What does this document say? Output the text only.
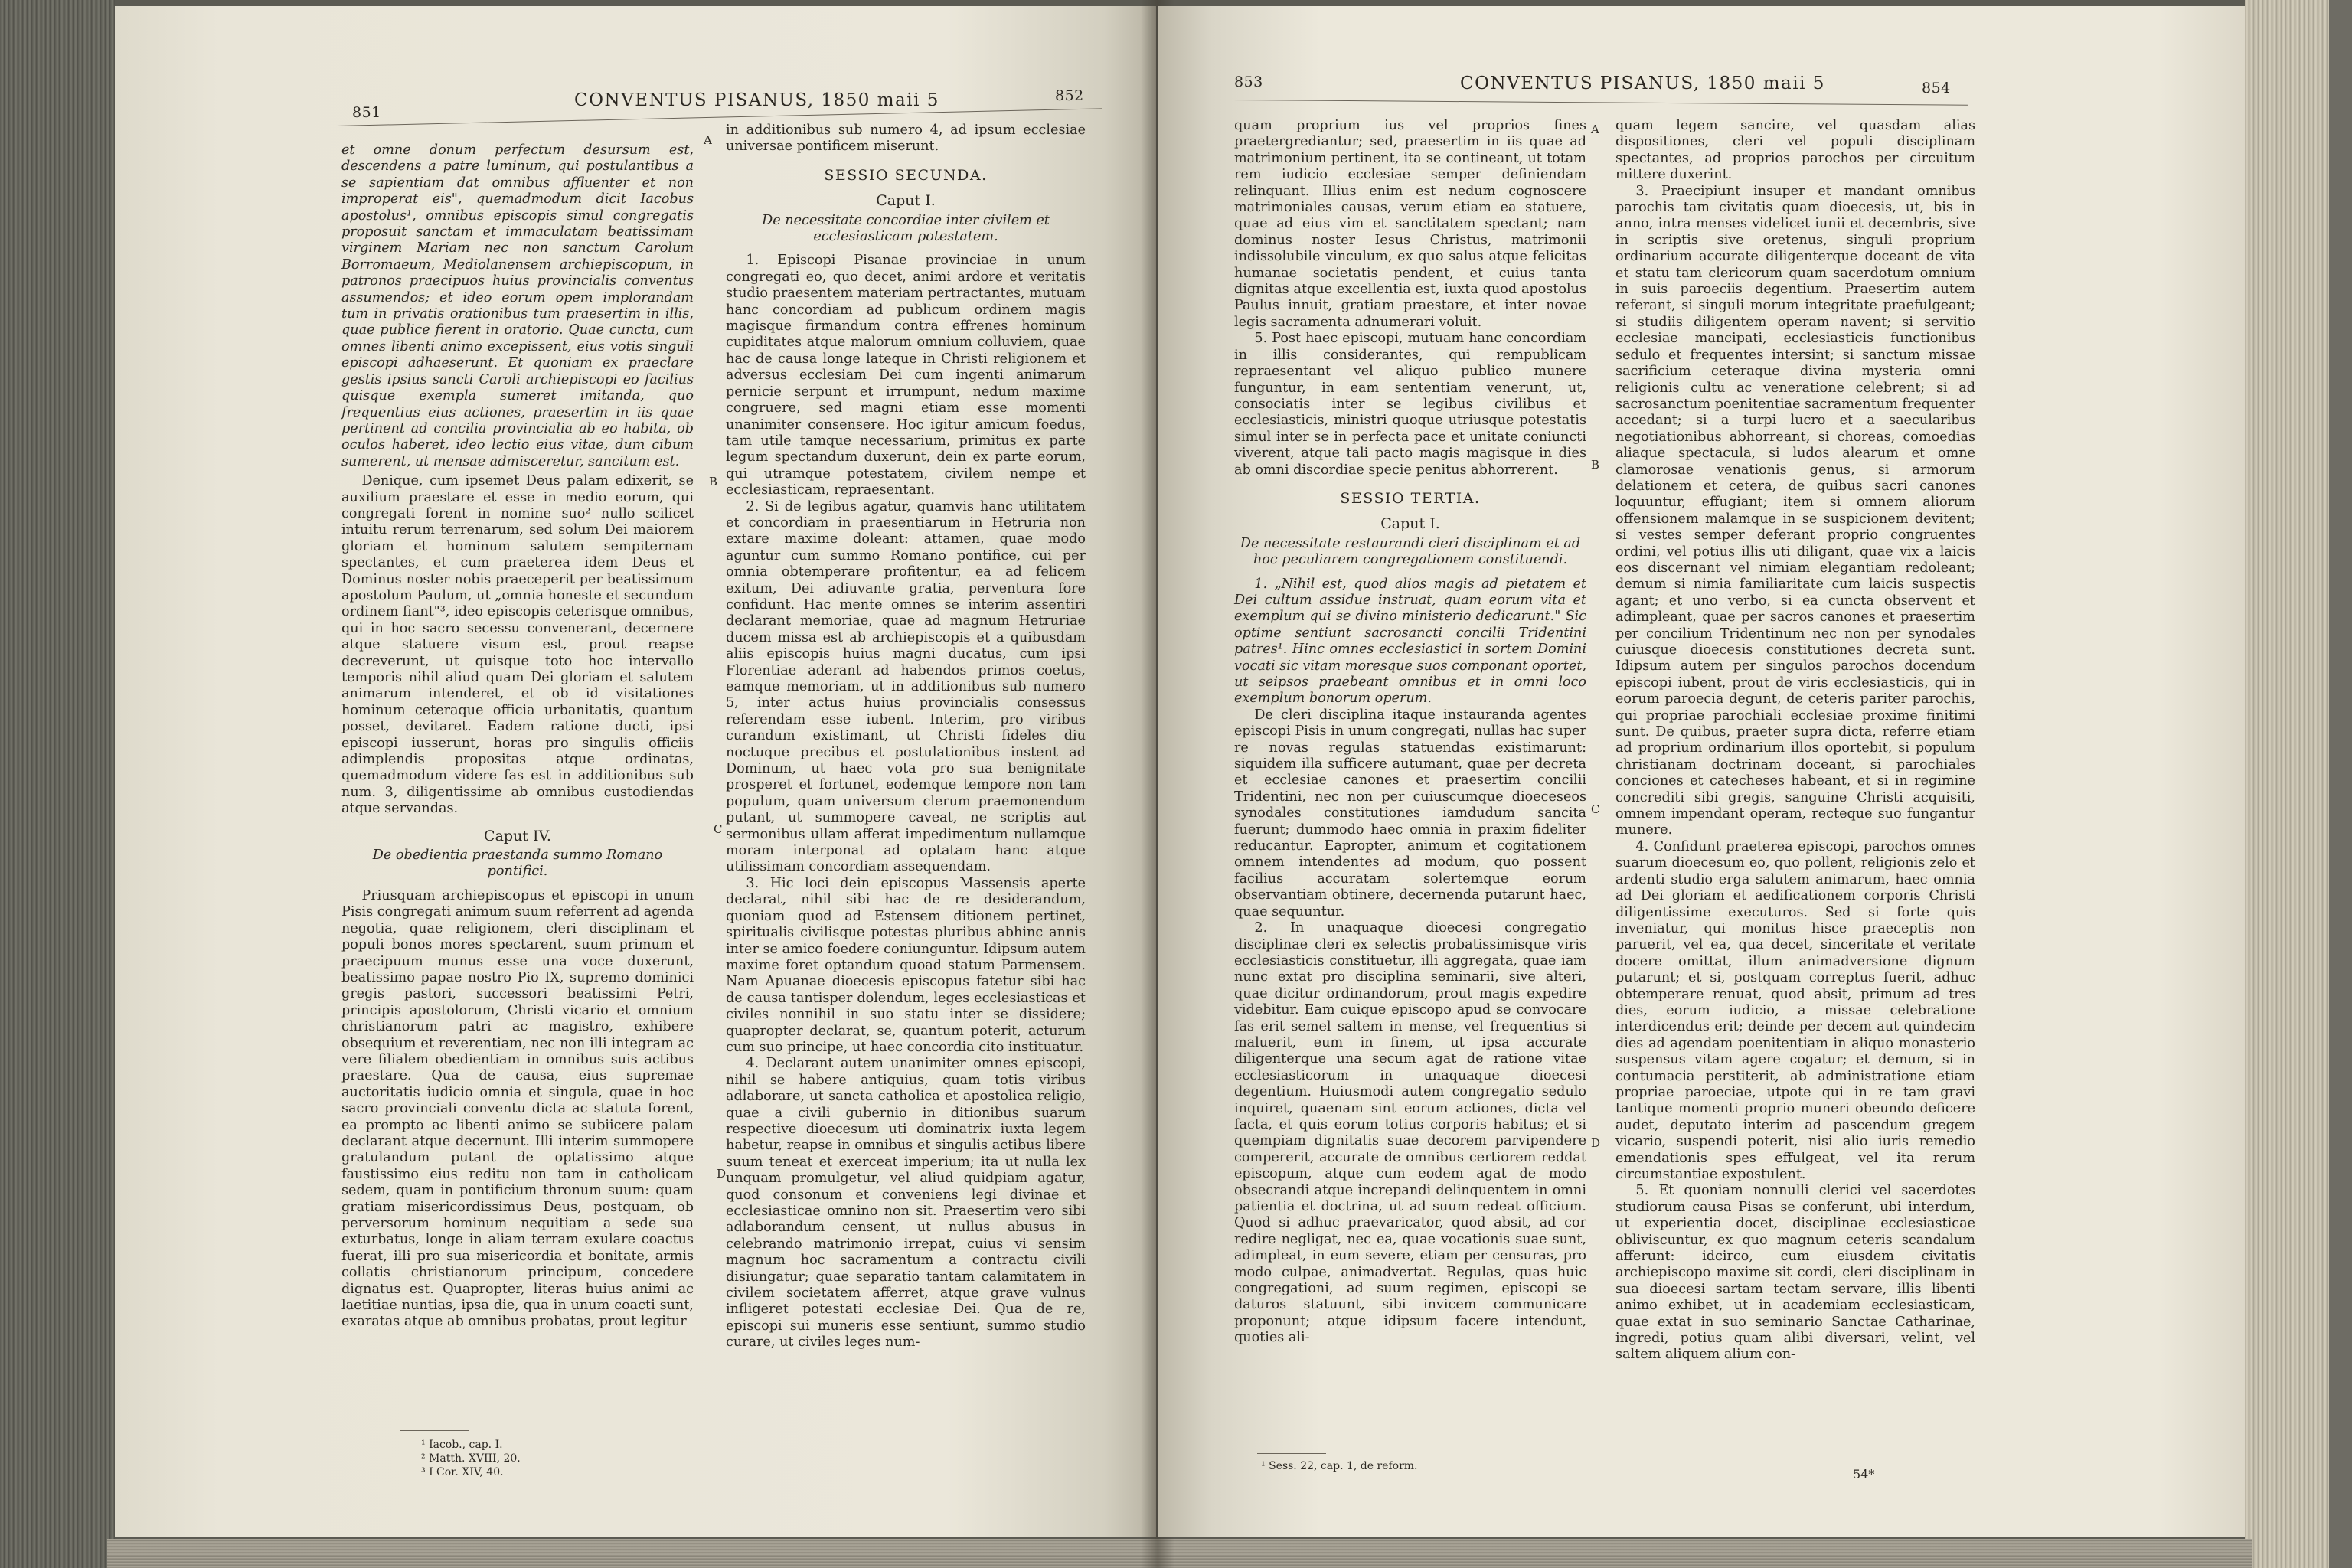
851
CONVENTUS PISANUS, 1850 maii 5	852

et omne donum perfectum desursum est, descendens a patre luminum, qui postulantibus a se sapientiam dat omnibus affluenter et non improperat eis", quemadmodum dicit Iacobus apostolus¹, omnibus episcopis simul congregatis proposuit sanctam et immaculatam beatissimam virginem Mariam nec non sanctum Carolum Borromaeum, Mediolanensem archiepiscopum, in patronos praecipuos huius provincialis conventus assumendos; et ideo eorum opem implorandam tum in privatis orationibus tum praesertim in illis, quae publice fierent in oratorio. Quae cuncta, cum omnes libenti animo excepissent, eius votis singuli episcopi adhaeserunt. Et quoniam ex praeclare gestis ipsius sancti Caroli archiepiscopi eo facilius quisque exempla sumeret imitanda, quo frequentius eius actiones, praesertim in iis quae pertinent ad concilia provincialia ab eo habita, ob oculos haberet, ideo lectio eius vitae, dum cibum sumerent, ut mensae admisceretur, sancitum est.

Denique, cum ipsemet Deus palam edixerit, se auxilium praestare et esse in medio eorum, qui congregati forent in nomine suo² nullo scilicet intuitu rerum terrenarum, sed solum Dei maiorem gloriam et hominum salutem sempiternam spectantes, et cum praeterea idem Deus et Dominus noster nobis praeceperit per beatissimum apostolum Paulum, ut „omnia honeste et secundum ordinem fiant"³, ideo episcopis ceterisque omnibus, qui in hoc sacro secessu convenerant, decernere atque statuere visum est, prout reapse decreverunt, ut quisque toto hoc intervallo temporis nihil aliud quam Dei gloriam et salutem animarum intenderet, et ob id visitationes hominum ceteraque officia urbanitatis, quantum posset, devitaret. Eadem ratione ducti, ipsi episcopi iusserunt, horas pro singulis officiis adimplendis propositas atque ordinatas, quemadmodum videre fas est in additionibus sub num. 3, diligentissime ab omnibus custodiendas atque servandas.

Caput IV.
De obedientia praestanda summo Romano pontifici.

Priusquam archiepiscopus et episcopi in unum Pisis congregati animum suum referrent ad agenda negotia, quae religionem, cleri disciplinam et populi bonos mores spectarent, suum primum et praecipuum munus esse una voce duxerunt, beatissimo papae nostro Pio IX, supremo dominici gregis pastori, successori beatissimi Petri, principis apostolorum, Christi vicario et omnium christianorum patri ac magistro, exhibere obsequium et reverentiam, nec non illi integram ac vere filialem obedientiam in omnibus suis actibus praestare. Qua de causa, eius supremae auctoritatis iudicio omnia et singula, quae in hoc sacro provinciali conventu dicta ac statuta forent, ea prompto ac libenti animo se subiicere palam declarant atque decernunt. Illi interim summopere gratulandum putant de optatissimo atque faustissimo eius reditu non tam in catholicam sedem, quam in pontificium thronum suum: quam gratiam misericordissimus Deus, postquam, ob perversorum hominum nequitiam a sede sua exturbatus, longe in aliam terram exulare coactus fuerat, illi pro sua misericordia et bonitate, armis collatis christianorum principum, concedere dignatus est. Quapropter, literas huius animi ac laetitiae nuntias, ipsa die, qua in unum coacti sunt, exaratas atque ab omnibus probatas, prout legitur

¹ Iacob., cap. I.
² Matth. XVIII, 20.
³ I Cor. XIV, 40.

in additionibus sub numero 4, ad ipsum ecclesiae universae pontificem miserunt.

SESSIO SECUNDA.
Caput I.
De necessitate concordiae inter civilem et ecclesiasticam potestatem.

1. Episcopi Pisanae provinciae in unum congregati eo, quo decet, animi ardore et veritatis studio praesentem materiam pertractantes, mutuam hanc concordiam ad publicum ordinem magis magisque firmandum contra effrenes hominum cupiditates atque malorum omnium colluviem, quae hac de causa longe lateque in Christi religionem et adversus ecclesiam Dei cum ingenti animarum pernicie serpunt et irrumpunt, nedum maxime congruere, sed magni etiam esse momenti unanimiter consensere. Hoc igitur amicum foedus, tam utile tamque necessarium, primitus ex parte legum spectandum duxerunt, dein ex parte eorum, qui utramque potestatem, civilem nempe et ecclesiasticam, repraesentant.

2. Si de legibus agatur, quamvis hanc utilitatem et concordiam in praesentiarum in Hetruria non extare maxime doleant: attamen, quae modo aguntur cum summo Romano pontifice, cui per omnia obtemperare profitentur, ea ad felicem exitum, Dei adiuvante gratia, perventura fore confidunt. Hac mente omnes se interim assentiri declarant memoriae, quae ad magnum Hetruriae ducem missa est ab archiepiscopis et a quibusdam aliis episcopis huius magni ducatus, cum ipsi Florentiae aderant ad habendos primos coetus, eamque memoriam, ut in additionibus sub numero 5, inter actus huius provincialis consessus referendam esse iubent. Interim, pro viribus curandum existimant, ut Christi fideles diu noctuque precibus et postulationibus instent ad Dominum, ut haec vota pro sua benignitate prosperet et fortunet, eodemque tempore non tam populum, quam universum clerum praemonendum putant, ut summopere caveat, ne scriptis aut sermonibus ullam afferat impedimentum nullamque moram interponat ad optatam hanc atque utilissimam concordiam assequendam.

3. Hic loci dein episcopus Massensis aperte declarat, nihil sibi hac de re desiderandum, quoniam quod ad Estensem ditionem pertinet, spiritualis civilisque potestas pluribus abhinc annis inter se amico foedere coniunguntur. Idipsum autem maxime foret optandum quoad statum Parmensem. Nam Apuanae dioecesis episcopus fatetur sibi hac de causa tantisper dolendum, leges ecclesiasticas et civiles nonnihil in suo statu inter se dissidere; quapropter declarat, se, quantum poterit, acturum cum suo principe, ut haec concordia cito instituatur.

4. Declarant autem unanimiter omnes episcopi, nihil se habere antiquius, quam totis viribus adlaborare, ut sancta catholica et apostolica religio, quae a civili gubernio in ditionibus suarum respective dioecesum uti dominatrix iuxta legem habetur, reapse in omnibus et singulis actibus libere suum teneat et exerceat imperium; ita ut nulla lex unquam promulgetur, vel aliud quidpiam agatur, quod consonum et conveniens legi divinae et ecclesiasticae omnino non sit. Praesertim vero sibi adlaborandum censent, ut nullus abusus in celebrando matrimonio irrepat, cuius vi sensim magnum hoc sacramentum a contractu civili disiungatur; quae separatio tantam calamitatem in civilem societatem afferret, atque grave vulnus infligeret potestati ecclesiae Dei. Qua de re, episcopi sui muneris esse sentiunt, summo studio curare, ut civiles leges num-

A
B
C
D
853	CONVENTUS PISANUS, 1850 maii 5	854

quam proprium ius vel proprios fines praetergrediantur; sed, praesertim in iis quae ad matrimonium pertinent, ita se contineant, ut totam rem iudicio ecclesiae semper definiendam relinquant. Illius enim est nedum cognoscere matrimoniales causas, verum etiam ea statuere, quae ad eius vim et sanctitatem spectant; nam dominus noster Iesus Christus, matrimonii indissolubile vinculum, ex quo salus atque felicitas humanae societatis pendent, et cuius tanta dignitas atque excellentia est, iuxta quod apostolus Paulus innuit, gratiam praestare, et inter novae legis sacramenta adnumerari voluit.

5. Post haec episcopi, mutuam hanc concordiam in illis considerantes, qui rempublicam repraesentant vel aliquo publico munere funguntur, in eam sententiam venerunt, ut, consociatis inter se legibus civilibus et ecclesiasticis, ministri quoque utriusque potestatis simul inter se in perfecta pace et unitate coniuncti viverent, atque tali pacto magis magisque in dies ab omni discordiae specie penitus abhorrerent.

SESSIO TERTIA.
Caput I.
De necessitate restaurandi cleri disciplinam et ad hoc peculiarem congregationem constituendi.

1. „Nihil est, quod alios magis ad pietatem et Dei cultum assidue instruat, quam eorum vita et exemplum qui se divino ministerio dedicarunt." Sic optime sentiunt sacrosancti concilii Tridentini patres¹. Hinc omnes ecclesiastici in sortem Domini vocati sic vitam moresque suos componant oportet, ut seipsos praebeant omnibus et in omni loco exemplum bonorum operum.

De cleri disciplina itaque instauranda agentes episcopi Pisis in unum congregati, nullas hac super re novas regulas statuendas existimarunt: siquidem illa sufficere autumant, quae per decreta et ecclesiae canones et praesertim concilii Tridentini, nec non per cuiuscumque dioeceseos synodales constitutiones iamdudum sancita fuerunt; dummodo haec omnia in praxim fideliter reducantur. Eapropter, animum et cogitationem omnem intendentes ad modum, quo possent facilius accuratam solertemque eorum observantiam obtinere, decernenda putarunt haec, quae sequuntur.

2. In unaquaque dioecesi congregatio disciplinae cleri ex selectis probatissimisque viris ecclesiasticis constituetur, illi aggregata, quae iam nunc extat pro disciplina seminarii, sive alteri, quae dicitur ordinandorum, prout magis expedire videbitur. Eam cuique episcopo apud se convocare fas erit semel saltem in mense, vel frequentius si maluerit, eum in finem, ut ipsa accurate diligenterque una secum agat de ratione vitae ecclesiasticorum in unaquaque dioecesi degentium. Huiusmodi autem congregatio sedulo inquiret, quaenam sint eorum actiones, dicta vel facta, et quis eorum totius corporis habitus; et si quempiam dignitatis suae decorem parvipendere compererit, accurate de omnibus certiorem reddat episcopum, atque cum eodem agat de modo obsecrandi atque increpandi delinquentem in omni patientia et doctrina, ut ad suum redeat officium. Quod si adhuc praevaricator, quod absit, ad cor redire negligat, nec ea, quae vocationis suae sunt, adimpleat, in eum severe, etiam per censuras, pro modo culpae, animadvertat. Regulas, quas huic congregationi, ad suum regimen, episcopi se daturos statuunt, sibi invicem communicare proponunt; atque idipsum facere intendunt, quoties ali-

¹ Sess. 22, cap. 1, de reform.

quam legem sancire, vel quasdam alias dispositiones, cleri vel populi disciplinam spectantes, ad proprios parochos per circuitum mittere duxerint.

3. Praecipiunt insuper et mandant omnibus parochis tam civitatis quam dioecesis, ut, bis in anno, intra menses videlicet iunii et decembris, sive in scriptis sive oretenus, singuli proprium ordinarium accurate diligenterque doceant de vita et statu tam clericorum quam sacerdotum omnium in suis paroeciis degentium. Praesertim autem referant, si singuli morum integritate praefulgeant; si studiis diligentem operam navent; si servitio ecclesiae mancipati, ecclesiasticis functionibus sedulo et frequentes intersint; si sanctum missae sacrificium ceteraque divina mysteria omni religionis cultu ac veneratione celebrent; si ad sacrosanctum poenitentiae sacramentum frequenter accedant; si a turpi lucro et a saecularibus negotiationibus abhorreant, si choreas, comoedias aliaque spectacula, si ludos alearum et omne clamorosae venationis genus, si armorum delationem et cetera, de quibus sacri canones loquuntur, effugiant; item si omnem aliorum offensionem malamque in se suspicionem devitent; si vestes semper deferant proprio congruentes ordini, vel potius illis uti diligant, quae vix a laicis eos discernant vel nimiam elegantiam redoleant; demum si nimia familiaritate cum laicis suspectis agant; et uno verbo, si ea cuncta observent et adimpleant, quae per sacros canones et praesertim per concilium Tridentinum nec non per synodales cuiusque dioecesis constitutiones decreta sunt. Idipsum autem per singulos parochos docendum episcopi iubent, prout de viris ecclesiasticis, qui in eorum paroecia degunt, de ceteris pariter parochis, qui propriae parochiali ecclesiae proxime finitimi sunt. De quibus, praeter supra dicta, referre etiam ad proprium ordinarium illos oportebit, si populum christianam doctrinam doceant, si parochiales conciones et catecheses habeant, et si in regimine concrediti sibi gregis, sanguine Christi acquisiti, omnem impendant operam, recteque suo fungantur munere.

4. Confidunt praeterea episcopi, parochos omnes suarum dioecesum eo, quo pollent, religionis zelo et ardenti studio erga salutem animarum, haec omnia ad Dei gloriam et aedificationem corporis Christi diligentissime executuros. Sed si forte quis inveniatur, qui monitus hisce praeceptis non paruerit, vel ea, qua decet, sinceritate et veritate docere omittat, illum animadversione dignum putarunt; et si, postquam correptus fuerit, adhuc obtemperare renuat, quod absit, primum ad tres dies, eorum iudicio, a missae celebratione interdicendus erit; deinde per decem aut quindecim dies ad agendam poenitentiam in aliquo monasterio suspensus vitam agere cogatur; et demum, si in contumacia perstiterit, ab administratione etiam propriae paroeciae, utpote qui in re tam gravi tantique momenti proprio muneri obeundo deficere audet, deputato interim ad pascendum gregem vicario, suspendi poterit, nisi alio iuris remedio emendationis spes effulgeat, vel ita rerum circumstantiae expostulent.

5. Et quoniam nonnulli clerici vel sacerdotes studiorum causa Pisas se conferunt, ubi interdum, ut experientia docet, disciplinae ecclesiasticae obliviscuntur, ex quo magnum ceteris scandalum afferunt: idcirco, cum eiusdem civitatis archiepiscopo maxime sit cordi, cleri disciplinam in sua dioecesi sartam tectam servare, illis libenti animo exhibet, ut in academiam ecclesiasticam, quae extat in suo seminario Sanctae Catharinae, ingredi, potius quam alibi diversari, velint, vel saltem aliquem alium con-

54*
A
B
C
D
